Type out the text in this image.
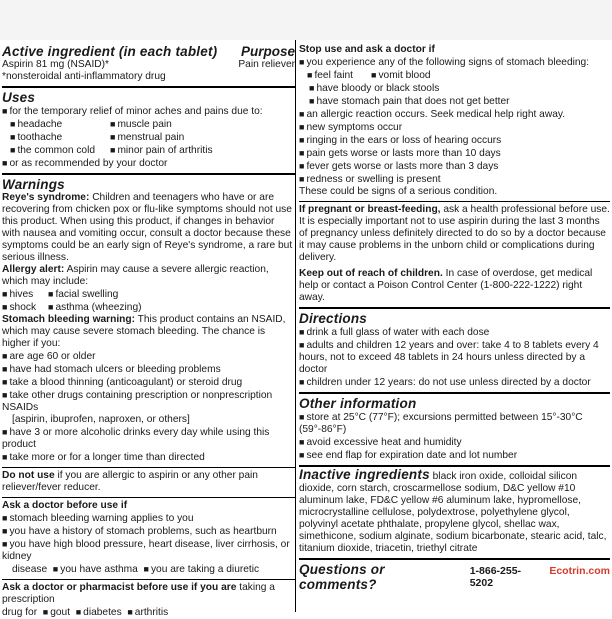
Active ingredient (in each tablet) Purpose
Aspirin 81 mg (NSAID)*	Pain reliever

*nonsteroidal anti-inflammatory drug

Uses

■ for the temporary relief of minor aches and pains due to:

■ headache	■ muscle pain
■ toothache	■ menstrual pain
■ the common cold	■ minor pain of arthritis

■ or as recommended by your doctor

Warnings

Reye's syndrome: Children and teenagers who have or are recovering from chicken pox or flu-like symptoms should not use this product. When using this product, if changes in behavior with nausea and vomiting occur, consult a doctor because these symptoms could be an early sign of Reye's syndrome, a rare but serious illness.

Allergy alert: Aspirin may cause a severe allergic reaction, which may include:

■ hives	■ facial swelling
■ shock	■ asthma (wheezing)

Stomach bleeding warning: This product contains an NSAID, which may cause severe stomach bleeding. The chance is higher if you:

■ are age 60 or older

■ have had stomach ulcers or bleeding problems

■ take a blood thinning (anticoagulant) or steroid drug

■ take other drugs containing prescription or nonprescription NSAIDs

[aspirin, ibuprofen, naproxen, or others]

■ have 3 or more alcoholic drinks every day while using this product

■ take more or for a longer time than directed

Do not use if you are allergic to aspirin or any other pain reliever/fever reducer.

Ask a doctor before use if

■ stomach bleeding warning applies to you

■ you have a history of stomach problems, such as heartburn

■ you have high blood pressure, heart disease, liver cirrhosis, or kidney

disease ■ you have asthma ■ you are taking a diuretic

Ask a doctor or pharmacist before use if you are taking a prescription

drug for ■ gout ■ diabetes ■ arthritis

Stop use and ask a doctor if

■ you experience any of the following signs of stomach bleeding:

■ feel faint	■ vomit blood

■ have bloody or black stools

■ have stomach pain that does not get better

■ an allergic reaction occurs. Seek medical help right away.

■ new symptoms occur

■ ringing in the ears or loss of hearing occurs

■ pain gets worse or lasts more than 10 days

■ fever gets worse or lasts more than 3 days

■ redness or swelling is present

These could be signs of a serious condition.

If pregnant or breast-feeding, ask a health professional before use. It is especially important not to use aspirin during the last 3 months of pregnancy unless definitely directed to do so by a doctor because it may cause problems in the unborn child or complications during delivery.

Keep out of reach of children. In case of overdose, get medical help or contact a Poison Control Center (1-800-222-1222) right away.

Directions

■ drink a full glass of water with each dose

■ adults and children 12 years and over: take 4 to 8 tablets every 4 hours, not to exceed 48 tablets in 24 hours unless directed by a doctor

■ children under 12 years: do not use unless directed by a doctor

Other information

■ store at 25°C (77°F); excursions permitted between 15°-30°C (59°-86°F)

■ avoid excessive heat and humidity

■ see end flap for expiration date and lot number

Inactive ingredients black iron oxide, colloidal silicon dioxide, corn starch, croscarmellose sodium, D&C yellow #10 aluminum lake, FD&C yellow #6 aluminum lake, hypromellose, microcrystalline cellulose, polydextrose, polyethylene glycol, polyvinyl acetate phthalate, propylene glycol, shellac wax, simethicone, sodium alginate, sodium bicarbonate, stearic acid, talc, titanium dioxide, triacetin, triethyl citrate

Questions or comments?
1-866-255-5202
Ecotrin.com
